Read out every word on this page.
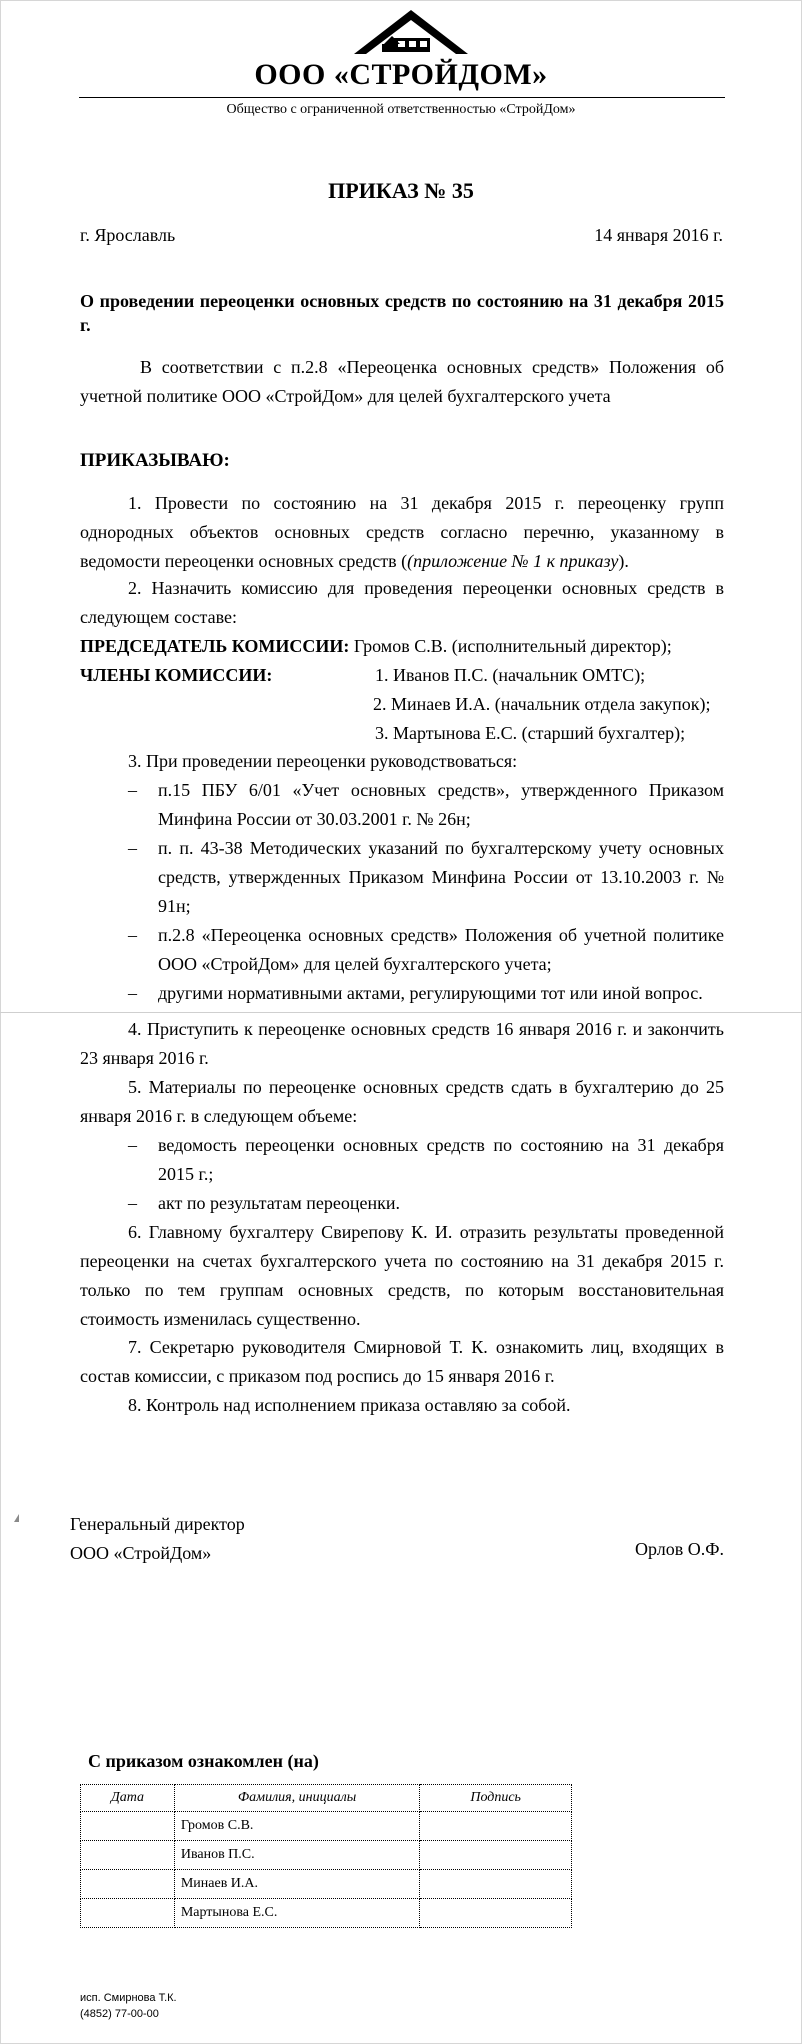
ООО «СТРОЙДОМ»
Общество с ограниченной ответственностью «СтройДом»
ПРИКАЗ № 35
г. Ярославль	14 января 2016 г.
О проведении переоценки основных средств по состоянию на 31 декабря 2015 г.
В соответствии с п.2.8 «Переоценка основных средств» Положения об учетной политике ООО «СтройДом» для целей бухгалтерского учета
ПРИКАЗЫВАЮ:
1. Провести по состоянию на 31 декабря 2015 г. переоценку групп однородных объектов основных средств согласно перечню, указанному в ведомости переоценки основных средств ((приложение № 1 к приказу).
2. Назначить комиссию для проведения переоценки основных средств в следующем составе:
ПРЕДСЕДАТЕЛЬ КОМИССИИ: Громов С.В. (исполнительный директор);
ЧЛЕНЫ КОМИССИИ:	1. Иванов П.С. (начальник ОМТС);
2. Минаев И.А. (начальник отдела закупок);
3. Мартынова Е.С. (старший бухгалтер);
3. При проведении переоценки руководствоваться:
– п.15 ПБУ 6/01 «Учет основных средств», утвержденного Приказом Минфина России от 30.03.2001 г. № 26н;
– п. п. 43-38 Методических указаний по бухгалтерскому учету основных средств, утвержденных Приказом Минфина России от 13.10.2003 г. № 91н;
– п.2.8 «Переоценка основных средств» Положения об учетной политике ООО «СтройДом» для целей бухгалтерского учета;
– другими нормативными актами, регулирующими тот или иной вопрос.
4. Приступить к переоценке основных средств 16 января 2016 г. и закончить 23 января 2016 г.
5. Материалы по переоценке основных средств сдать в бухгалтерию до 25 января 2016 г. в следующем объеме:
– ведомость переоценки основных средств по состоянию на 31 декабря 2015 г.;
– акт по результатам переоценки.
6. Главному бухгалтеру Свирепову К. И. отразить результаты проведенной переоценки на счетах бухгалтерского учета по состоянию на 31 декабря 2015 г. только по тем группам основных средств, по которым восстановительная стоимость изменилась существенно.
7. Секретарю руководителя Смирновой Т. К. ознакомить лиц, входящих в состав комиссии, с приказом под роспись до 15 января 2016 г.
8. Контроль над исполнением приказа оставляю за собой.
Генеральный директор
ООО «СтройДом»	Орлов О.Ф.
С приказом ознакомлен (на)
Дата	Фамилия, инициалы	Подпись
	Громов С.В.	
	Иванов П.С.	
	Минаев И.А.	
	Мартынова Е.С.	
исп. Смирнова Т.К.
(4852) 77-00-00
